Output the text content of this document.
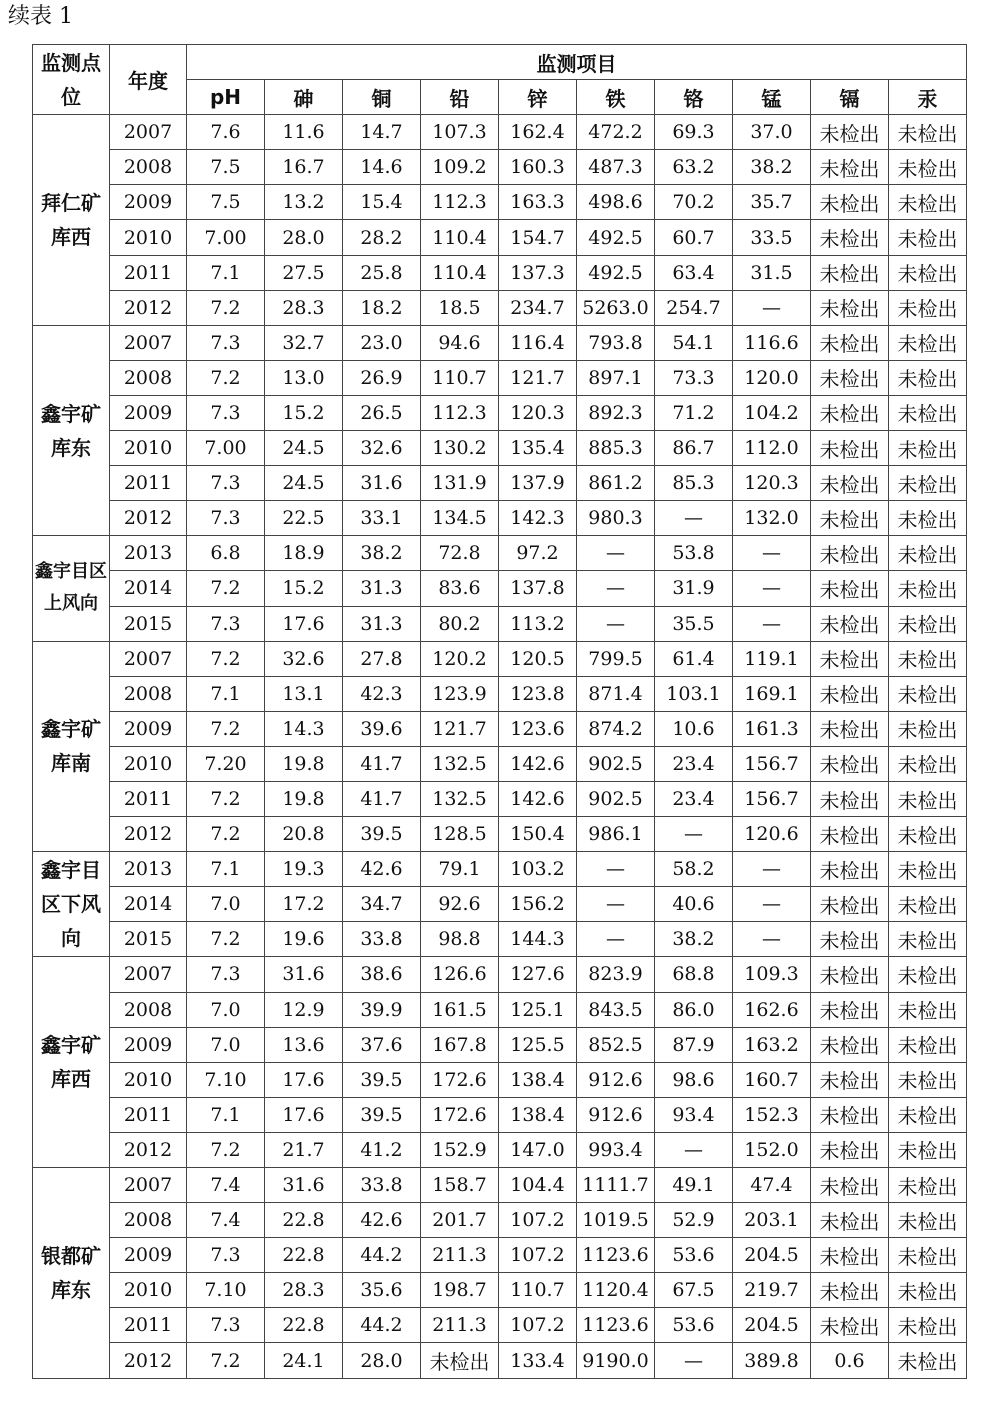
续表 1
监测点位	年度	监测项目									
		pH	砷	铜	铅	锌	铁	铬	锰	镉	汞
拜仁矿库西	2007	7.6	11.6	14.7	107.3	162.4	472.2	69.3	37.0	未检出	未检出
	2008	7.5	16.7	14.6	109.2	160.3	487.3	63.2	38.2	未检出	未检出
	2009	7.5	13.2	15.4	112.3	163.3	498.6	70.2	35.7	未检出	未检出
	2010	7.00	28.0	28.2	110.4	154.7	492.5	60.7	33.5	未检出	未检出
	2011	7.1	27.5	25.8	110.4	137.3	492.5	63.4	31.5	未检出	未检出
	2012	7.2	28.3	18.2	18.5	234.7	5263.0	254.7	—	未检出	未检出
鑫宇矿库东	2007	7.3	32.7	23.0	94.6	116.4	793.8	54.1	116.6	未检出	未检出
	2008	7.2	13.0	26.9	110.7	121.7	897.1	73.3	120.0	未检出	未检出
	2009	7.3	15.2	26.5	112.3	120.3	892.3	71.2	104.2	未检出	未检出
	2010	7.00	24.5	32.6	130.2	135.4	885.3	86.7	112.0	未检出	未检出
	2011	7.3	24.5	31.6	131.9	137.9	861.2	85.3	120.3	未检出	未检出
	2012	7.3	22.5	33.1	134.5	142.3	980.3	—	132.0	未检出	未检出
鑫宇目区上风向	2013	6.8	18.9	38.2	72.8	97.2	—	53.8	—	未检出	未检出
	2014	7.2	15.2	31.3	83.6	137.8	—	31.9	—	未检出	未检出
	2015	7.3	17.6	31.3	80.2	113.2	—	35.5	—	未检出	未检出
鑫宇矿库南	2007	7.2	32.6	27.8	120.2	120.5	799.5	61.4	119.1	未检出	未检出
	2008	7.1	13.1	42.3	123.9	123.8	871.4	103.1	169.1	未检出	未检出
	2009	7.2	14.3	39.6	121.7	123.6	874.2	10.6	161.3	未检出	未检出
	2010	7.20	19.8	41.7	132.5	142.6	902.5	23.4	156.7	未检出	未检出
	2011	7.2	19.8	41.7	132.5	142.6	902.5	23.4	156.7	未检出	未检出
	2012	7.2	20.8	39.5	128.5	150.4	986.1	—	120.6	未检出	未检出
鑫宇目区下风向	2013	7.1	19.3	42.6	79.1	103.2	—	58.2	—	未检出	未检出
	2014	7.0	17.2	34.7	92.6	156.2	—	40.6	—	未检出	未检出
	2015	7.2	19.6	33.8	98.8	144.3	—	38.2	—	未检出	未检出
鑫宇矿库西	2007	7.3	31.6	38.6	126.6	127.6	823.9	68.8	109.3	未检出	未检出
	2008	7.0	12.9	39.9	161.5	125.1	843.5	86.0	162.6	未检出	未检出
	2009	7.0	13.6	37.6	167.8	125.5	852.5	87.9	163.2	未检出	未检出
	2010	7.10	17.6	39.5	172.6	138.4	912.6	98.6	160.7	未检出	未检出
	2011	7.1	17.6	39.5	172.6	138.4	912.6	93.4	152.3	未检出	未检出
	2012	7.2	21.7	41.2	152.9	147.0	993.4	—	152.0	未检出	未检出
银都矿库东	2007	7.4	31.6	33.8	158.7	104.4	1111.7	49.1	47.4	未检出	未检出
	2008	7.4	22.8	42.6	201.7	107.2	1019.5	52.9	203.1	未检出	未检出
	2009	7.3	22.8	44.2	211.3	107.2	1123.6	53.6	204.5	未检出	未检出
	2010	7.10	28.3	35.6	198.7	110.7	1120.4	67.5	219.7	未检出	未检出
	2011	7.3	22.8	44.2	211.3	107.2	1123.6	53.6	204.5	未检出	未检出
	2012	7.2	24.1	28.0	未检出	133.4	9190.0	—	389.8	0.6	未检出
